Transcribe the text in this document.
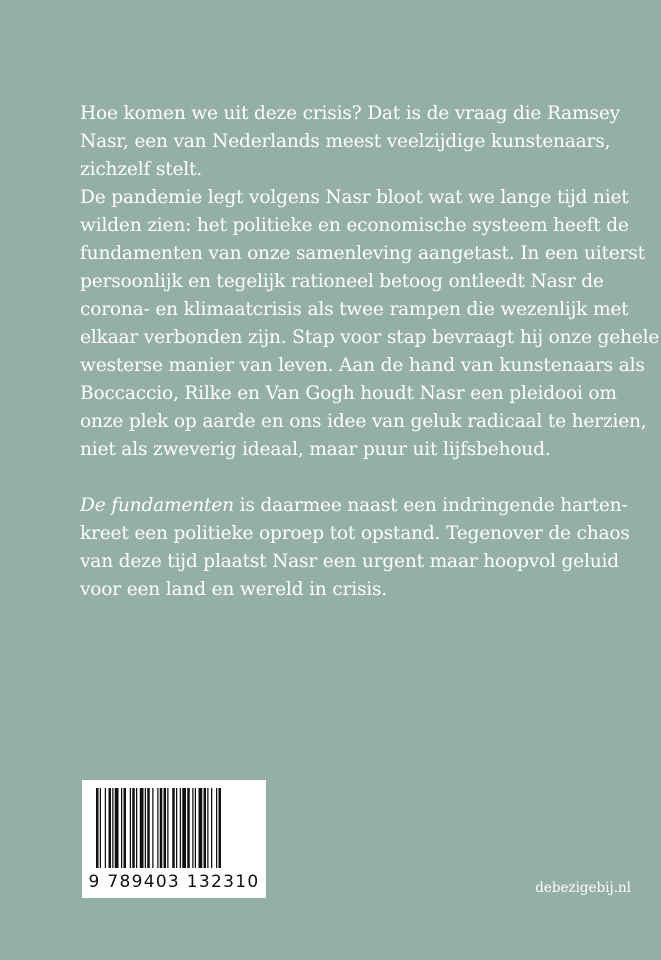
Hoe komen we uit deze crisis? Dat is de vraag die Ramsey
Nasr, een van Nederlands meest veelzijdige kunstenaars,
zichzelf stelt.

De pandemie legt volgens Nasr bloot wat we lange tijd niet
wilden zien: het politieke en economische systeem heeft de
fundamenten van onze samenleving aangetast. In een uiterst
persoonlijk en tegelijk rationeel betoog ontleedt Nasr de
corona- en klimaatcrisis als twee rampen die wezenlijk met
elkaar verbonden zijn. Stap voor stap bevraagt hij onze gehele
westerse manier van leven. Aan de hand van kunstenaars als
Boccaccio, Rilke en Van Gogh houdt Nasr een pleidooi om
onze plek op aarde en ons idee van geluk radicaal te herzien,
niet als zweverig ideaal, maar puur uit lijfsbehoud.

De fundamenten is daarmee naast een indringende harten-
kreet een politieke oproep tot opstand. Tegenover de chaos
van deze tijd plaatst Nasr een urgent maar hoopvol geluid
voor een land en wereld in crisis.

9 789403 132310	debezigebij.nl
